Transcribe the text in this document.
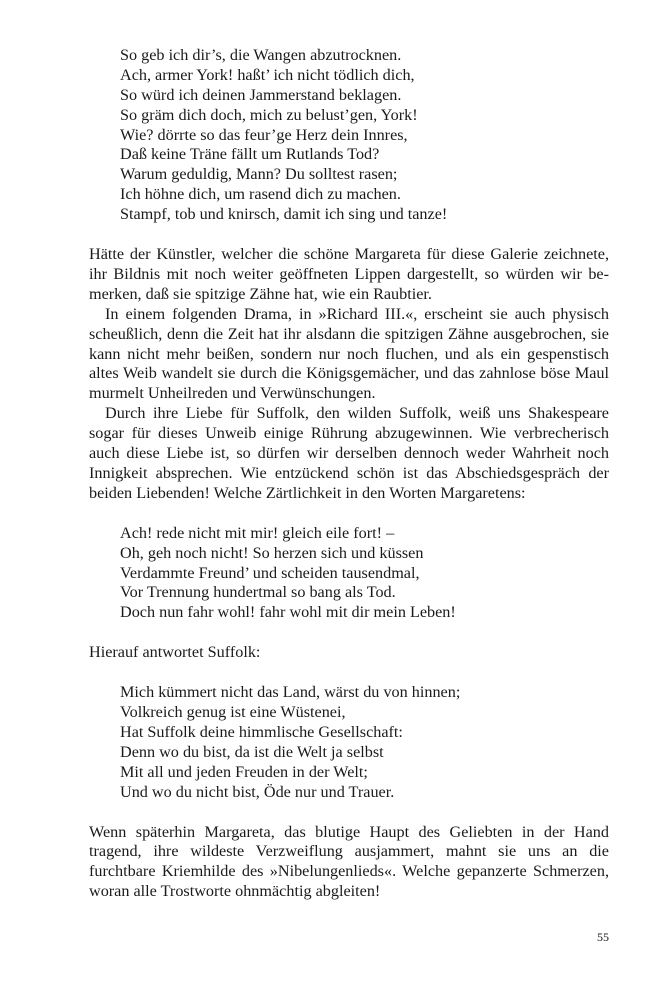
So geb ich dir’s, die Wangen abzutrocknen.
Ach, armer York! haßt’ ich nicht tödlich dich,
So würd ich deinen Jammerstand beklagen.
So gräm dich doch, mich zu belust’gen, York!
Wie? dörrte so das feur’ge Herz dein Innres,
Daß keine Träne fällt um Rutlands Tod?
Warum geduldig, Mann? Du solltest rasen;
Ich höhne dich, um rasend dich zu machen.
Stampf, tob und knirsch, damit ich sing und tanze!

Hätte der Künstler, welcher die schöne Margareta für diese Galerie zeichnete, ihr Bildnis mit noch weiter geöffneten Lippen dargestellt, so würden wir bemerken, daß sie spitzige Zähne hat, wie ein Raubtier.

In einem folgenden Drama, in »Richard III.«, erscheint sie auch physisch scheußlich, denn die Zeit hat ihr alsdann die spitzigen Zähne ausgebrochen, sie kann nicht mehr beißen, sondern nur noch fluchen, und als ein gespenstisch altes Weib wandelt sie durch die Königsgemächer, und das zahnlose böse Maul murmelt Unheilreden und Verwünschungen.

Durch ihre Liebe für Suffolk, den wilden Suffolk, weiß uns Shakespeare sogar für dieses Unweib einige Rührung abzugewinnen. Wie verbrecherisch auch diese Liebe ist, so dürfen wir derselben dennoch weder Wahrheit noch Innigkeit absprechen. Wie entzückend schön ist das Abschiedsgespräch der beiden Liebenden! Welche Zärtlichkeit in den Worten Margaretens:

Ach! rede nicht mit mir! gleich eile fort! –
Oh, geh noch nicht! So herzen sich und küssen
Verdammte Freund’ und scheiden tausendmal,
Vor Trennung hundertmal so bang als Tod.
Doch nun fahr wohl! fahr wohl mit dir mein Leben!

Hierauf antwortet Suffolk:

Mich kümmert nicht das Land, wärst du von hinnen;
Volkreich genug ist eine Wüstenei,
Hat Suffolk deine himmlische Gesellschaft:
Denn wo du bist, da ist die Welt ja selbst
Mit all und jeden Freuden in der Welt;
Und wo du nicht bist, Öde nur und Trauer.

Wenn späterhin Margareta, das blutige Haupt des Geliebten in der Hand tragend, ihre wildeste Verzweiflung ausjammert, mahnt sie uns an die furchtbare Kriemhilde des »Nibelungenlieds«. Welche gepanzerte Schmerzen, woran alle Trostworte ohnmächtig abgleiten!

55
